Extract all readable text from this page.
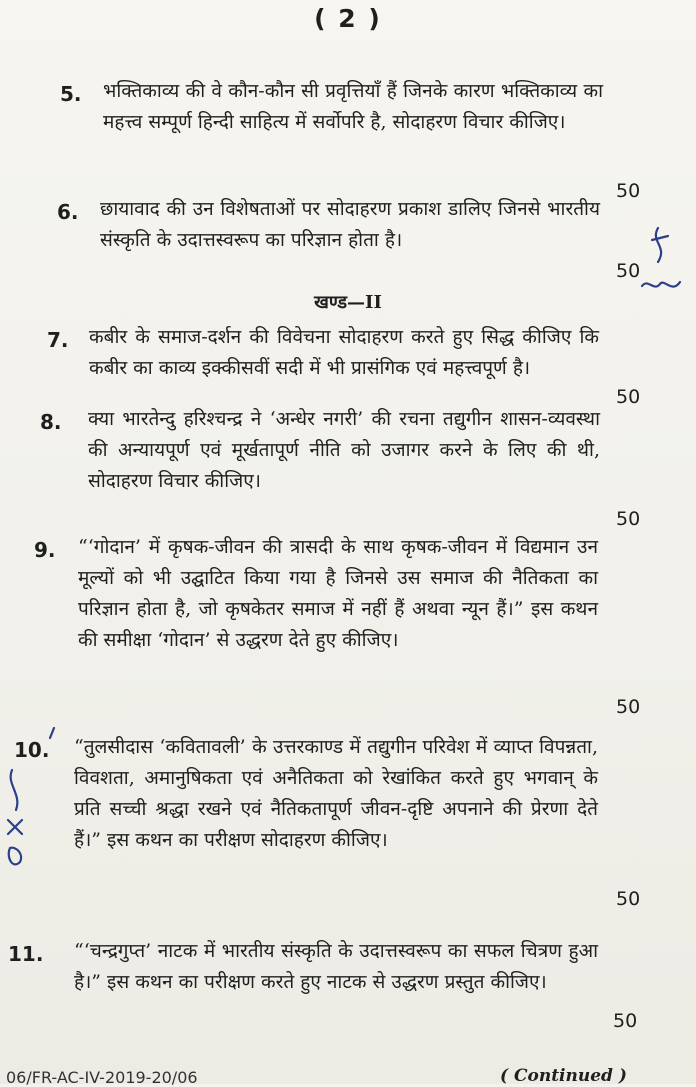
( 2 )
5. भक्तिकाव्य की वे कौन-कौन सी प्रवृत्तियाँ हैं जिनके कारण भक्तिकाव्य का महत्त्व सम्पूर्ण हिन्दी साहित्य में सर्वोपरि है, सोदाहरण विचार कीजिए।

50
6. छायावाद की उन विशेषताओं पर सोदाहरण प्रकाश डालिए जिनसे भारतीय संस्कृति के उदात्तस्वरूप का परिज्ञान होता है।

50
खण्ड—II
7. कबीर के समाज-दर्शन की विवेचना सोदाहरण करते हुए सिद्ध कीजिए कि कबीर का काव्य इक्कीसवीं सदी में भी प्रासंगिक एवं महत्त्वपूर्ण है।

50
8. क्या भारतेन्दु हरिश्चन्द्र ने ‘अन्धेर नगरी’ की रचना तद्युगीन शासन-व्यवस्था की अन्यायपूर्ण एवं मूर्खतापूर्ण नीति को उजागर करने के लिए की थी, सोदाहरण विचार कीजिए।

50
9. “‘गोदान’ में कृषक-जीवन की त्रासदी के साथ कृषक-जीवन में विद्यमान उन मूल्यों को भी उद्घाटित किया गया है जिनसे उस समाज की नैतिकता का परिज्ञान होता है, जो कृषकेतर समाज में नहीं हैं अथवा न्यून हैं।” इस कथन की समीक्षा ‘गोदान’ से उद्धरण देते हुए कीजिए।

50
10. “तुलसीदास ‘कवितावली’ के उत्तरकाण्ड में तद्युगीन परिवेश में व्याप्त विपन्नता, विवशता, अमानुषिकता एवं अनैतिकता को रेखांकित करते हुए भगवान् के प्रति सच्ची श्रद्धा रखने एवं नैतिकतापूर्ण जीवन-दृष्टि अपनाने की प्रेरणा देते हैं।” इस कथन का परीक्षण सोदाहरण कीजिए।

50
11. “‘चन्द्रगुप्त’ नाटक में भारतीय संस्कृति के उदात्तस्वरूप का सफल चित्रण हुआ है।” इस कथन का परीक्षण करते हुए नाटक से उद्धरण प्रस्तुत कीजिए।

50
06/FR-AC-IV-2019-20/06	( Continued )
